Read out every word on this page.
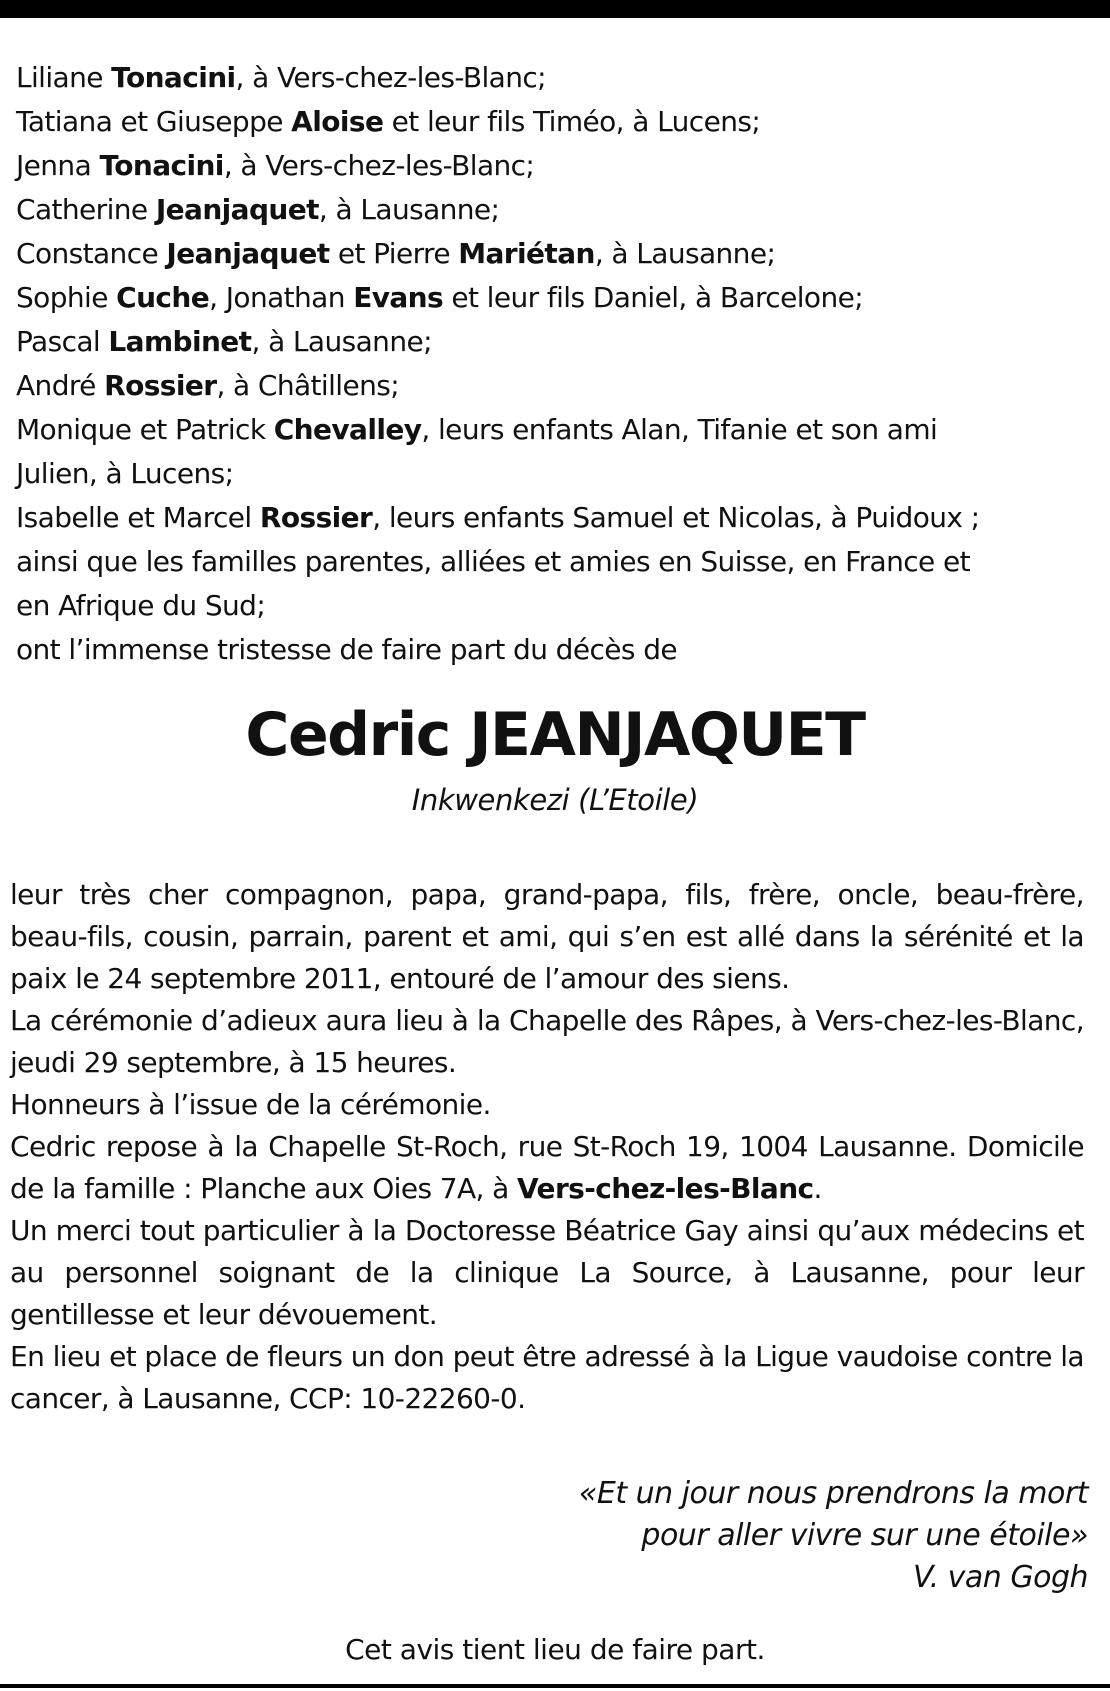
Liliane Tonacini, à Vers-chez-les-Blanc;
Tatiana et Giuseppe Aloise et leur fils Timéo, à Lucens;
Jenna Tonacini, à Vers-chez-les-Blanc;
Catherine Jeanjaquet, à Lausanne;
Constance Jeanjaquet et Pierre Mariétan, à Lausanne;
Sophie Cuche, Jonathan Evans et leur fils Daniel, à Barcelone;
Pascal Lambinet, à Lausanne;
André Rossier, à Châtillens;
Monique et Patrick Chevalley, leurs enfants Alan, Tifanie et son ami
Julien, à Lucens;
Isabelle et Marcel Rossier, leurs enfants Samuel et Nicolas, à Puidoux ;
ainsi que les familles parentes, alliées et amies en Suisse, en France et
en Afrique du Sud;
ont l’immense tristesse de faire part du décès de
Cedric JEANJAQUET
Inkwenkezi (L’Etoile)

leur très cher compagnon, papa, grand-papa, fils, frère, oncle, beau-frère, beau-fils, cousin, parrain, parent et ami, qui s’en est allé dans la sérénité et la paix le 24 septembre 2011, entouré de l’amour des siens.

La cérémonie d’adieux aura lieu à la Chapelle des Râpes, à Vers-chez-les-Blanc, jeudi 29 septembre, à 15 heures.

Honneurs à l’issue de la cérémonie.

Cedric repose à la Chapelle St-Roch, rue St-Roch 19, 1004 Lausanne. Domicile de la famille : Planche aux Oies 7A, à Vers-chez-les-Blanc.

Un merci tout particulier à la Doctoresse Béatrice Gay ainsi qu’aux médecins et au personnel soignant de la clinique La Source, à Lausanne, pour leur gentillesse et leur dévouement.

En lieu et place de fleurs un don peut être adressé à la Ligue vaudoise contre la cancer, à Lausanne, CCP: 10-22260-0.

«Et un jour nous prendrons la mort
pour aller vivre sur une étoile»
V. van Gogh
Cet avis tient lieu de faire part.
